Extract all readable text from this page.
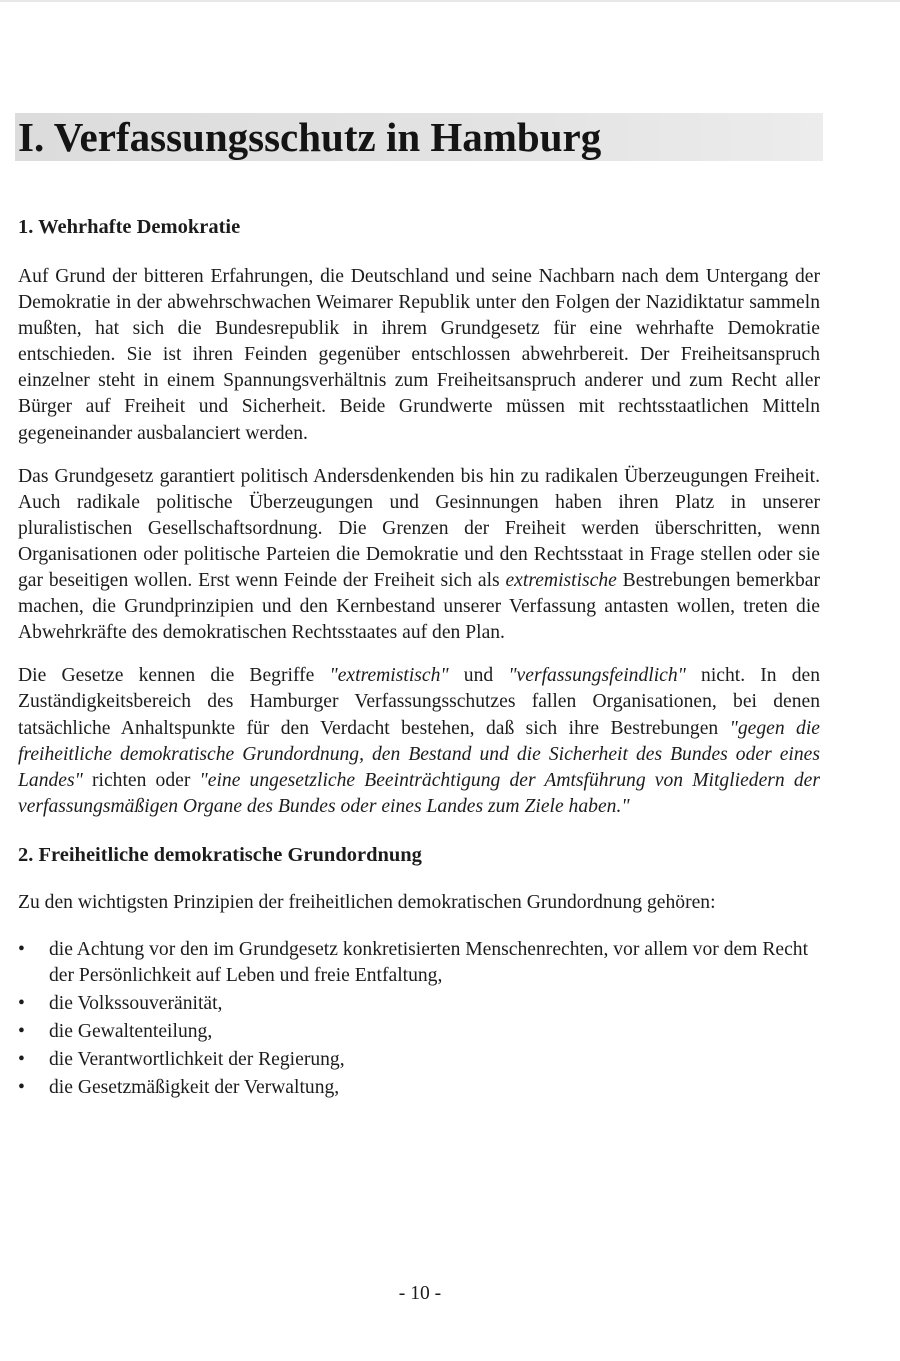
I. Verfassungsschutz in Hamburg
1. Wehrhafte Demokratie

Auf Grund der bitteren Erfahrungen, die Deutschland und seine Nachbarn nach dem Untergang der Demokratie in der abwehrschwachen Weimarer Republik unter den Folgen der Nazidiktatur sammeln mußten, hat sich die Bundesrepublik in ihrem Grundgesetz für eine wehrhafte Demokratie entschieden. Sie ist ihren Feinden gegenüber entschlossen abwehrbereit. Der Freiheitsanspruch einzelner steht in einem Spannungsverhältnis zum Freiheitsanspruch anderer und zum Recht aller Bürger auf Freiheit und Sicherheit. Beide Grundwerte müssen mit rechtsstaatlichen Mitteln gegeneinander ausbalanciert werden.

Das Grundgesetz garantiert politisch Andersdenkenden bis hin zu radikalen Überzeugungen Freiheit. Auch radikale politische Überzeugungen und Gesinnungen haben ihren Platz in unserer pluralistischen Gesellschaftsordnung. Die Grenzen der Freiheit werden überschritten, wenn Organisationen oder politische Parteien die Demokratie und den Rechtsstaat in Frage stellen oder sie gar beseitigen wollen. Erst wenn Feinde der Freiheit sich als extremistische Bestrebungen bemerkbar machen, die Grundprinzipien und den Kernbestand unserer Verfassung antasten wollen, treten die Abwehrkräfte des demokratischen Rechtsstaates auf den Plan.

Die Gesetze kennen die Begriffe "extremistisch" und "verfassungsfeindlich" nicht. In den Zuständigkeitsbereich des Hamburger Verfassungsschutzes fallen Organisationen, bei denen tatsächliche Anhaltspunkte für den Verdacht bestehen, daß sich ihre Bestrebungen "gegen die freiheitliche demokratische Grundordnung, den Bestand und die Sicherheit des Bundes oder eines Landes" richten oder "eine ungesetzliche Beeinträchtigung der Amtsführung von Mitgliedern der verfassungsmäßigen Organe des Bundes oder eines Landes zum Ziele haben."

2. Freiheitliche demokratische Grundordnung

Zu den wichtigsten Prinzipien der freiheitlichen demokratischen Grundordnung gehören:

• die Achtung vor den im Grundgesetz konkretisierten Menschenrechten, vor allem vor dem Recht der Persönlichkeit auf Leben und freie Entfaltung,
• die Volkssouveränität,
• die Gewaltenteilung,
• die Verantwortlichkeit der Regierung,
• die Gesetzmäßigkeit der Verwaltung,
- 10 -
